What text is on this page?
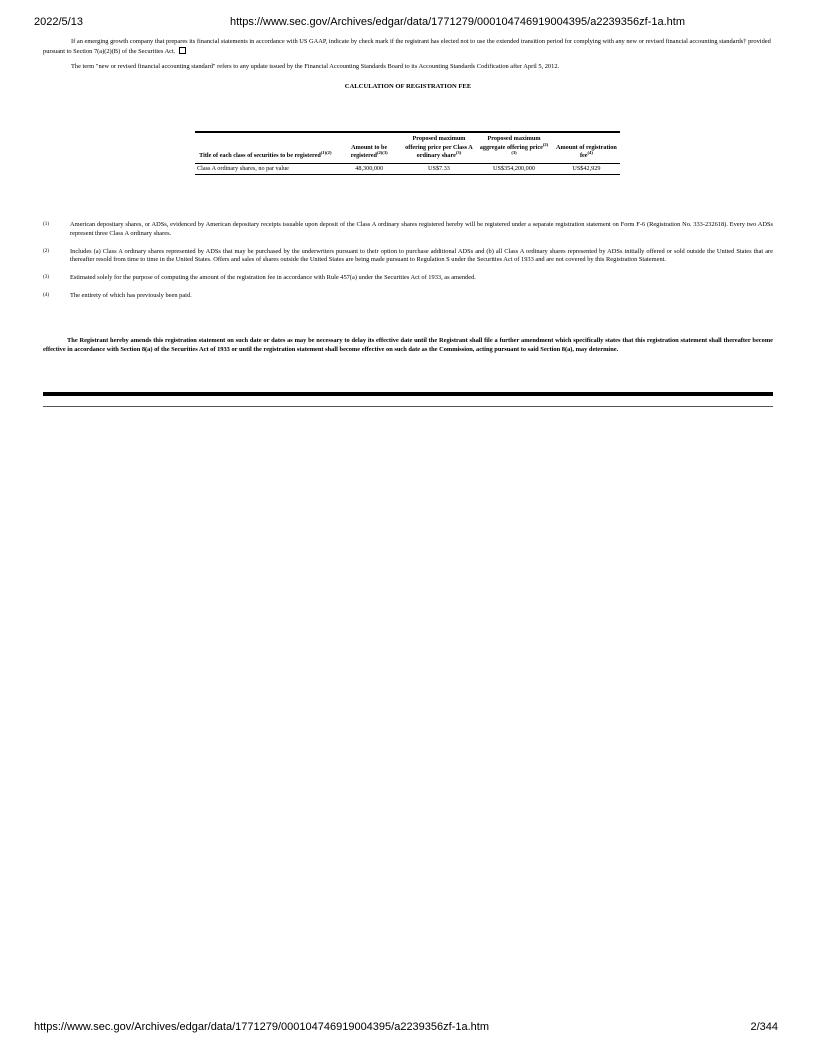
2022/5/13	https://www.sec.gov/Archives/edgar/data/1771279/000104746919004395/a2239356zf-1a.htm

If an emerging growth company that prepares its financial statements in accordance with US GAAP, indicate by check mark if the registrant has elected not to use the extended transition period for complying with any new or revised financial accounting standards† provided pursuant to Section 7(a)(2)(B) of the Securities Act.

The term "new or revised financial accounting standard" refers to any update issued by the Financial Accounting Standards Board to its Accounting Standards Codification after April 5, 2012.

CALCULATION OF REGISTRATION FEE

Title of each class of securities to be registered$^{(1)(2)}$	Amount to be registered$^{(2)(3)}$	Proposed maximum offering price per Class A ordinary share$^{(3)}$	Proposed maximum aggregate offering price$^{(2)(3)}$	Amount of registration fee$^{(4)}$
Class A ordinary shares, no par value	48,300,000	US$7.33	US$354,200,000	US$42,929
(1)	American depositary shares, or ADSs, evidenced by American depositary receipts issuable upon deposit of the Class A ordinary shares registered hereby will be registered under a separate registration statement on Form F-6 (Registration No. 333-232618). Every two ADSs represent three Class A ordinary shares.
(2)	Includes (a) Class A ordinary shares represented by ADSs that may be purchased by the underwriters pursuant to their option to purchase additional ADSs and (b) all Class A ordinary shares represented by ADSs initially offered or sold outside the United States that are thereafter resold from time to time in the United States. Offers and sales of shares outside the United States are being made pursuant to Regulation S under the Securities Act of 1933 and are not covered by this Registration Statement.
(3)	Estimated solely for the purpose of computing the amount of the registration fee in accordance with Rule 457(a) under the Securities Act of 1933, as amended.
(4)	The entirety of which has previously been paid.

The Registrant hereby amends this registration statement on such date or dates as may be necessary to delay its effective date until the Registrant shall file a further amendment which specifically states that this registration statement shall thereafter become effective in accordance with Section 8(a) of the Securities Act of 1933 or until the registration statement shall become effective on such date as the Commission, acting pursuant to said Section 8(a), may determine.

https://www.sec.gov/Archives/edgar/data/1771279/000104746919004395/a2239356zf-1a.htm	2/344
